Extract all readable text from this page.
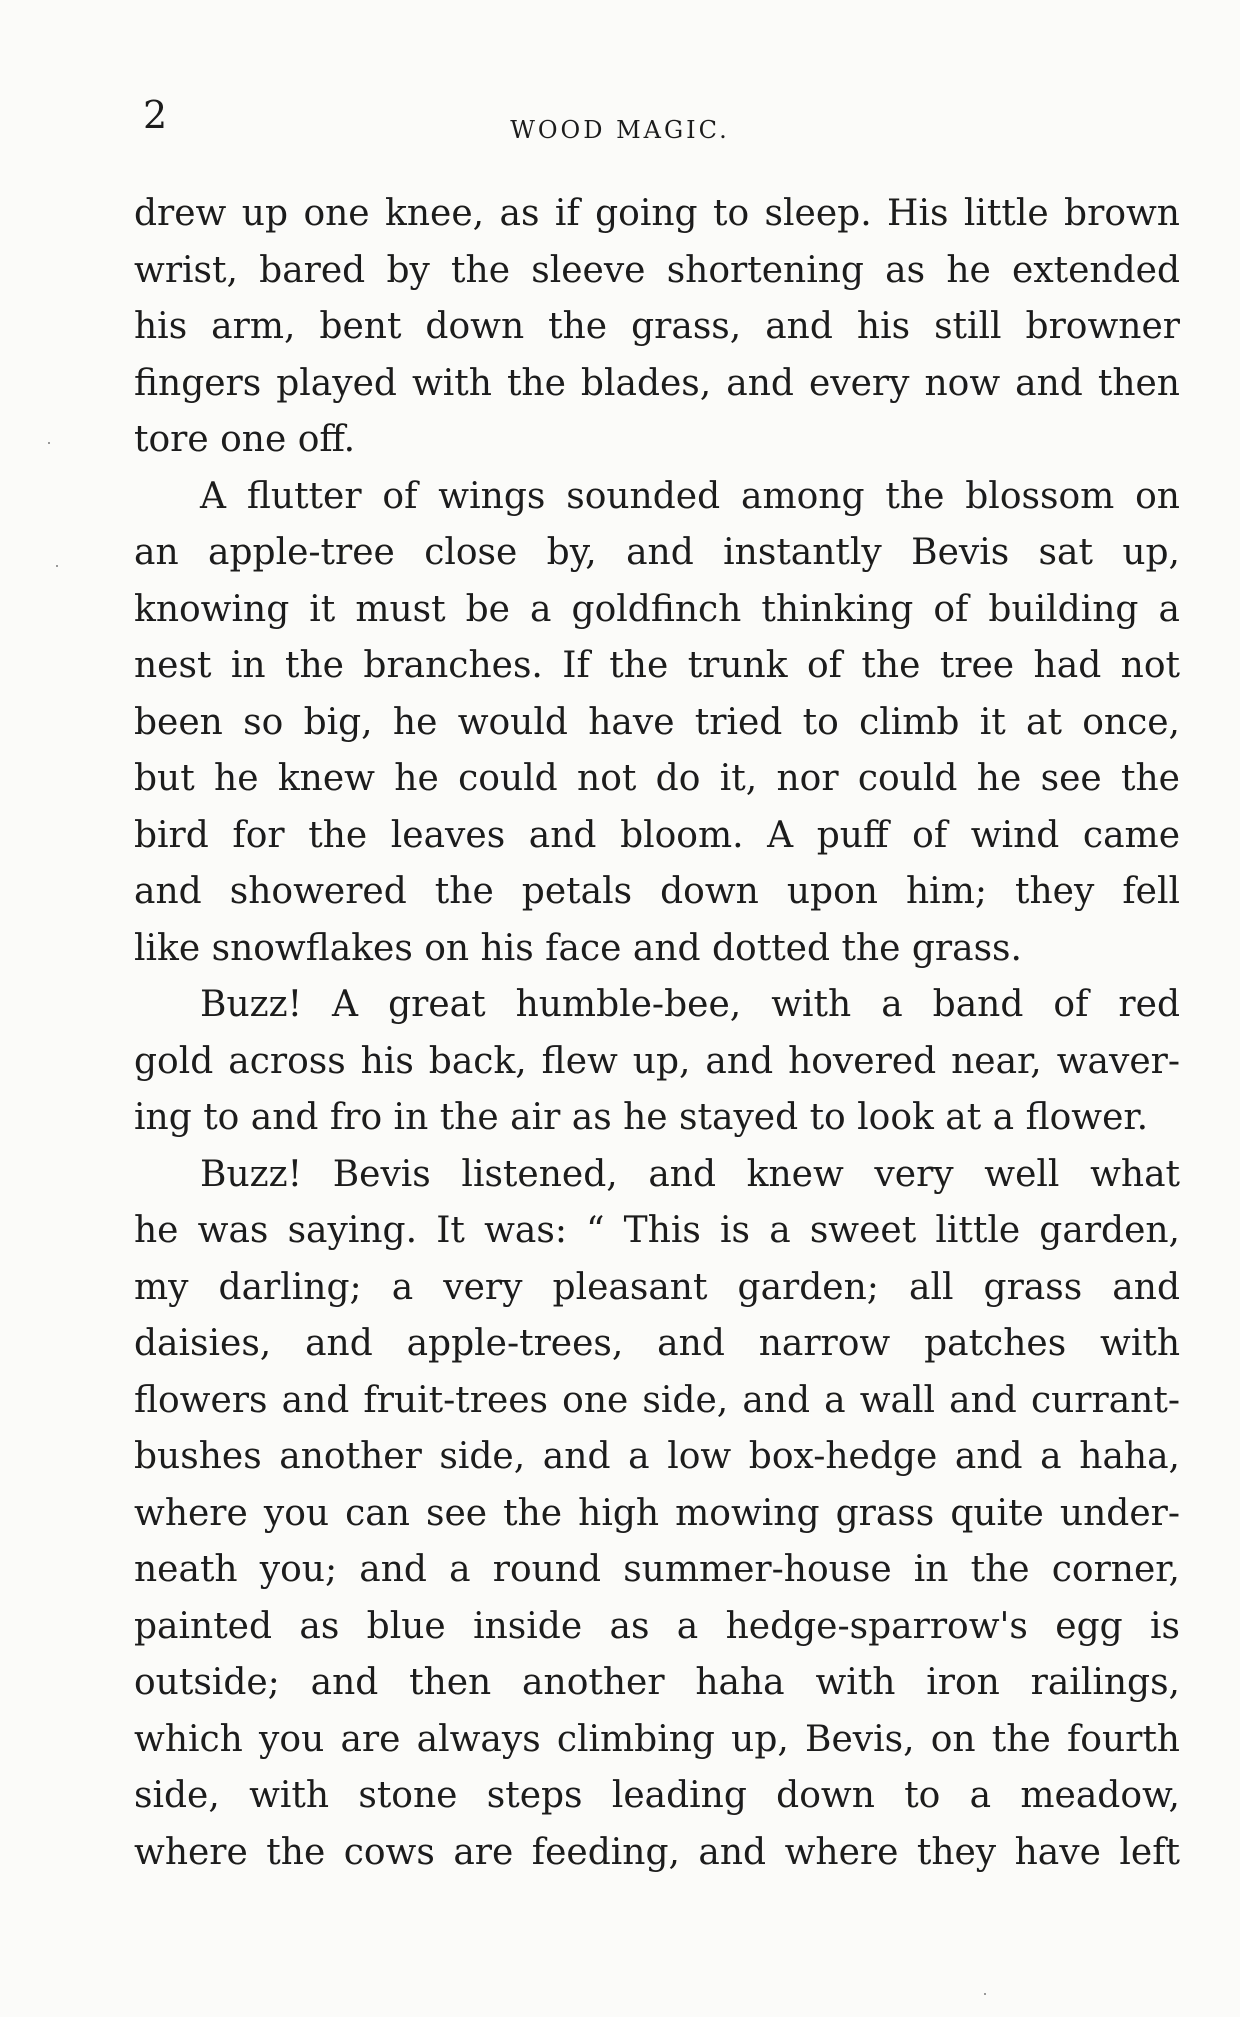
2	WOOD MAGIC.
drew up one knee, as if going to sleep. His little brown
wrist, bared by the sleeve shortening as he extended
his arm, bent down the grass, and his still browner
fingers played with the blades, and every now and then
tore one off.
A flutter of wings sounded among the blossom on
an apple-tree close by, and instantly Bevis sat up,
knowing it must be a goldfinch thinking of building a
nest in the branches. If the trunk of the tree had not
been so big, he would have tried to climb it at once,
but he knew he could not do it, nor could he see the
bird for the leaves and bloom. A puff of wind came
and showered the petals down upon him; they fell
like snowflakes on his face and dotted the grass.
Buzz! A great humble-bee, with a band of red
gold across his back, flew up, and hovered near, waver-
ing to and fro in the air as he stayed to look at a flower.
Buzz! Bevis listened, and knew very well what
he was saying. It was: “ This is a sweet little garden,
my darling; a very pleasant garden; all grass and
daisies, and apple-trees, and narrow patches with
flowers and fruit-trees one side, and a wall and currant-
bushes another side, and a low box-hedge and a haha,
where you can see the high mowing grass quite under-
neath you; and a round summer-house in the corner,
painted as blue inside as a hedge-sparrow's egg is
outside; and then another haha with iron railings,
which you are always climbing up, Bevis, on the fourth
side, with stone steps leading down to a meadow,
where the cows are feeding, and where they have left
